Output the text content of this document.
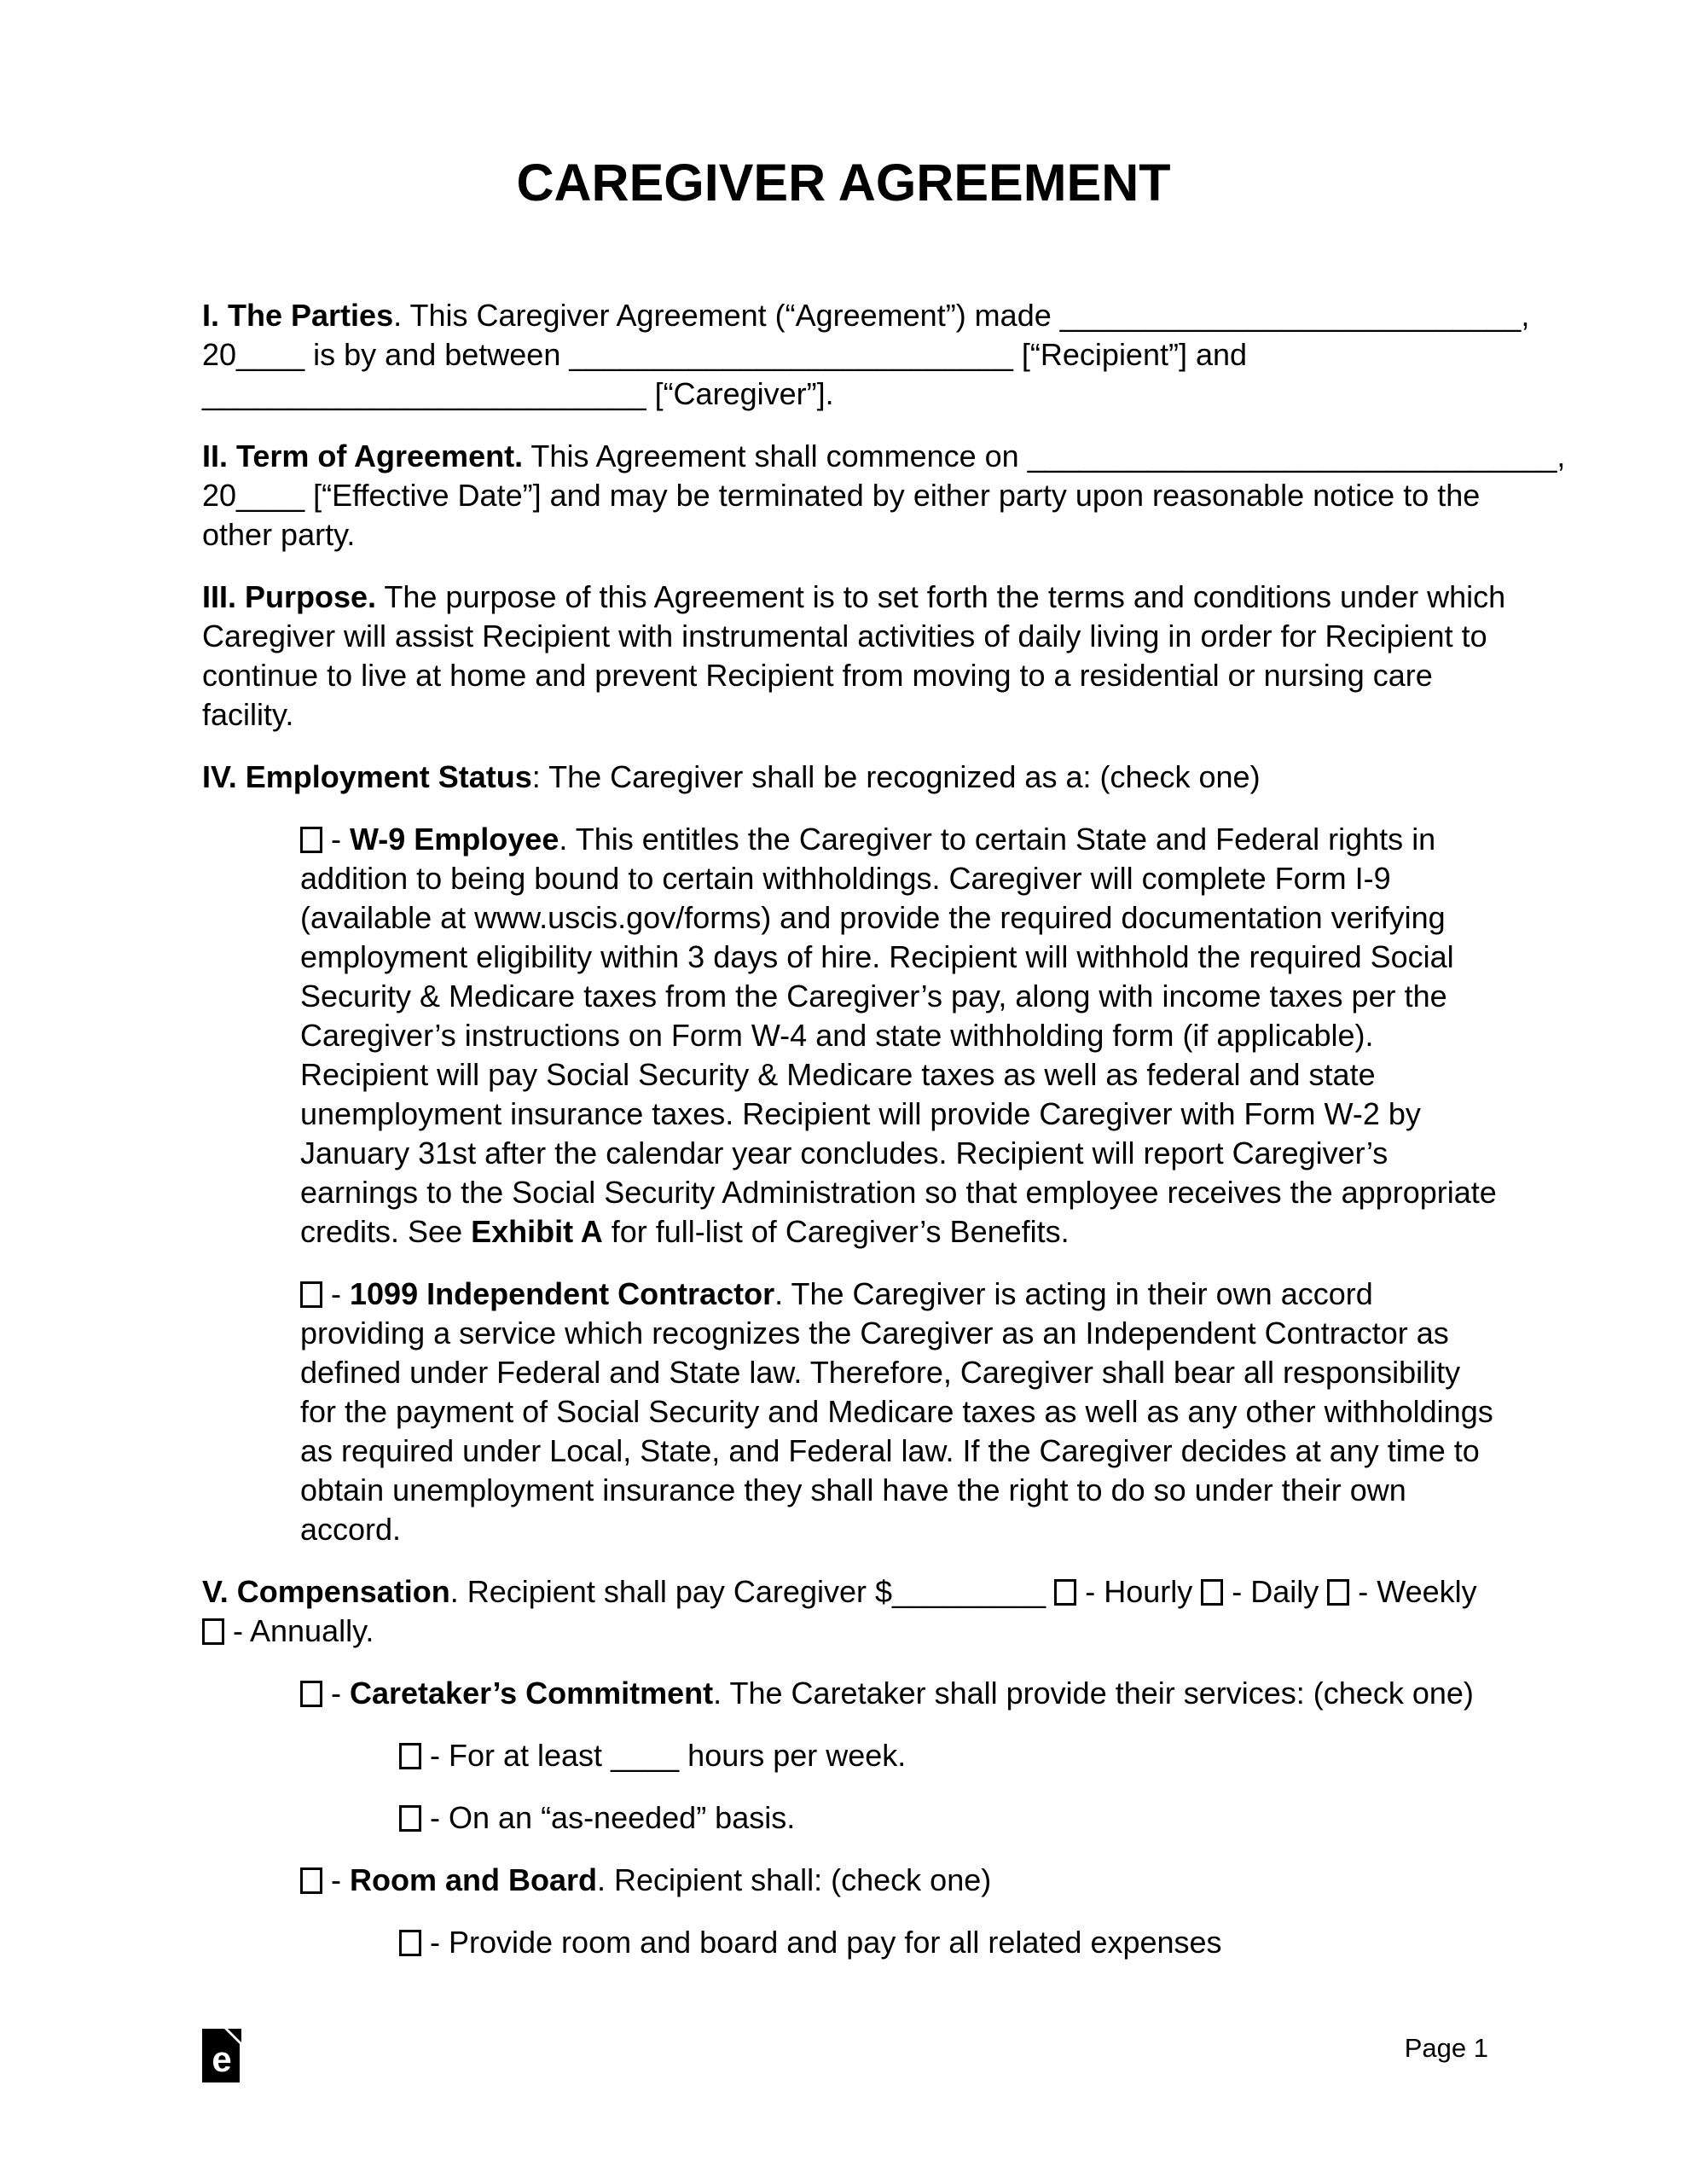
CAREGIVER AGREEMENT
I. The Parties. This Caregiver Agreement (“Agreement”) made ___________________________,
20____ is by and between __________________________ [“Recipient”] and
__________________________ [“Caregiver”].
II. Term of Agreement. This Agreement shall commence on _______________________________,
20____ [“Effective Date”] and may be terminated by either party upon reasonable notice to the
other party.
III. Purpose. The purpose of this Agreement is to set forth the terms and conditions under which
Caregiver will assist Recipient with instrumental activities of daily living in order for Recipient to
continue to live at home and prevent Recipient from moving to a residential or nursing care
facility.
IV. Employment Status: The Caregiver shall be recognized as a: (check one)
- W-9 Employee. This entitles the Caregiver to certain State and Federal rights in
addition to being bound to certain withholdings. Caregiver will complete Form I-9
(available at www.uscis.gov/forms) and provide the required documentation verifying
employment eligibility within 3 days of hire. Recipient will withhold the required Social
Security & Medicare taxes from the Caregiver’s pay, along with income taxes per the
Caregiver’s instructions on Form W-4 and state withholding form (if applicable).
Recipient will pay Social Security & Medicare taxes as well as federal and state
unemployment insurance taxes. Recipient will provide Caregiver with Form W-2 by
January 31st after the calendar year concludes. Recipient will report Caregiver’s
earnings to the Social Security Administration so that employee receives the appropriate
credits. See Exhibit A for full-list of Caregiver’s Benefits.
- 1099 Independent Contractor. The Caregiver is acting in their own accord
providing a service which recognizes the Caregiver as an Independent Contractor as
defined under Federal and State law. Therefore, Caregiver shall bear all responsibility
for the payment of Social Security and Medicare taxes as well as any other withholdings
as required under Local, State, and Federal law. If the Caregiver decides at any time to
obtain unemployment insurance they shall have the right to do so under their own
accord.
V. Compensation. Recipient shall pay Caregiver $_________  - Hourly  - Daily  - Weekly
- Annually.
- Caretaker’s Commitment. The Caretaker shall provide their services: (check one)
- For at least ____ hours per week.
- On an “as-needed” basis.
- Room and Board. Recipient shall: (check one)
- Provide room and board and pay for all related expenses
e	Page 1
